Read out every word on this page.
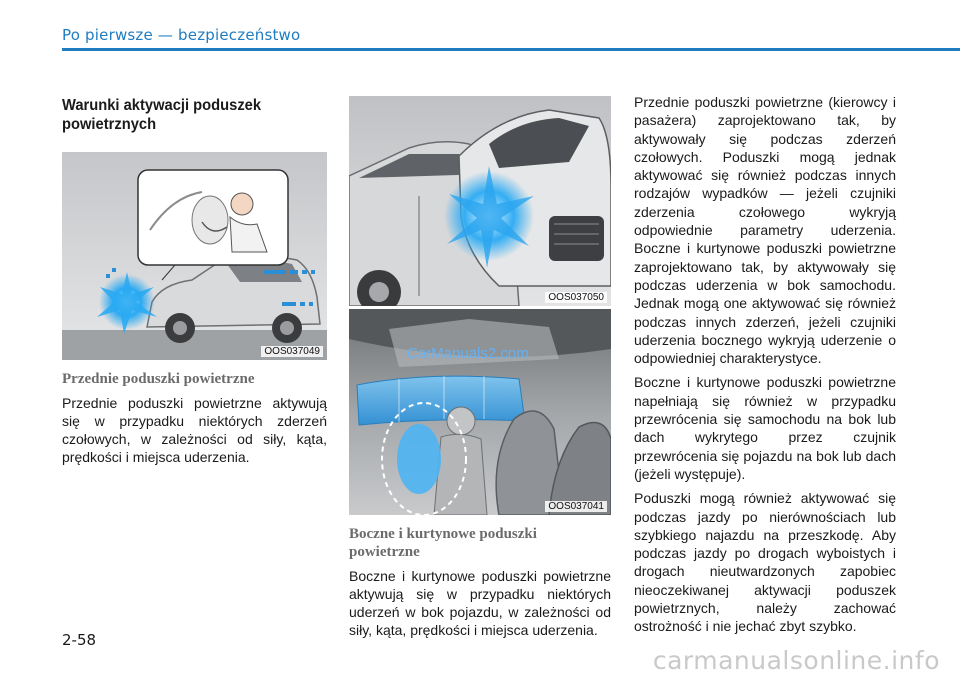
Po pierwsze — bezpieczeństwo
Warunki aktywacji poduszek powietrznych
OOS037049
Przednie poduszki powietrzne

Przednie poduszki powietrzne aktywują się w przypadku niektórych zderzeń czołowych, w zależności od siły, kąta, prędkości i miejsca uderzenia.

OOS037050
CarManuals2.com
OOS037041
Boczne i kurtynowe poduszki powietrzne

Boczne i kurtynowe poduszki powietrzne aktywują się w przypadku niektórych uderzeń w bok pojazdu, w zależności od siły, kąta, prędkości i miejsca uderzenia.

Przednie poduszki powietrzne (kierowcy i pasażera) zaprojektowano tak, by aktywowały się podczas zderzeń czołowych. Poduszki mogą jednak aktywować się również podczas innych rodzajów wypadków — jeżeli czujniki zderzenia czołowego wykryją odpowiednie parametry uderzenia. Boczne i kurtynowe poduszki powietrzne zaprojektowano tak, by aktywowały się podczas uderzenia w bok samochodu. Jednak mogą one aktywować się również podczas innych zderzeń, jeżeli czujniki uderzenia bocznego wykryją uderzenie o odpowiedniej charakterystyce.

Boczne i kurtynowe poduszki powietrzne napełniają się również w przypadku przewrócenia się samochodu na bok lub dach wykrytego przez czujnik przewrócenia się pojazdu na bok lub dach (jeżeli występuje).

Poduszki mogą również aktywować się podczas jazdy po nierównościach lub szybkiego najazdu na przeszkodę. Aby podczas jazdy po drogach wyboistych i drogach nieutwardzonych zapobiec nieoczekiwanej aktywacji poduszek powietrznych, należy zachować ostrożność i nie jechać zbyt szybko.

2-58
carmanualsonline.info
